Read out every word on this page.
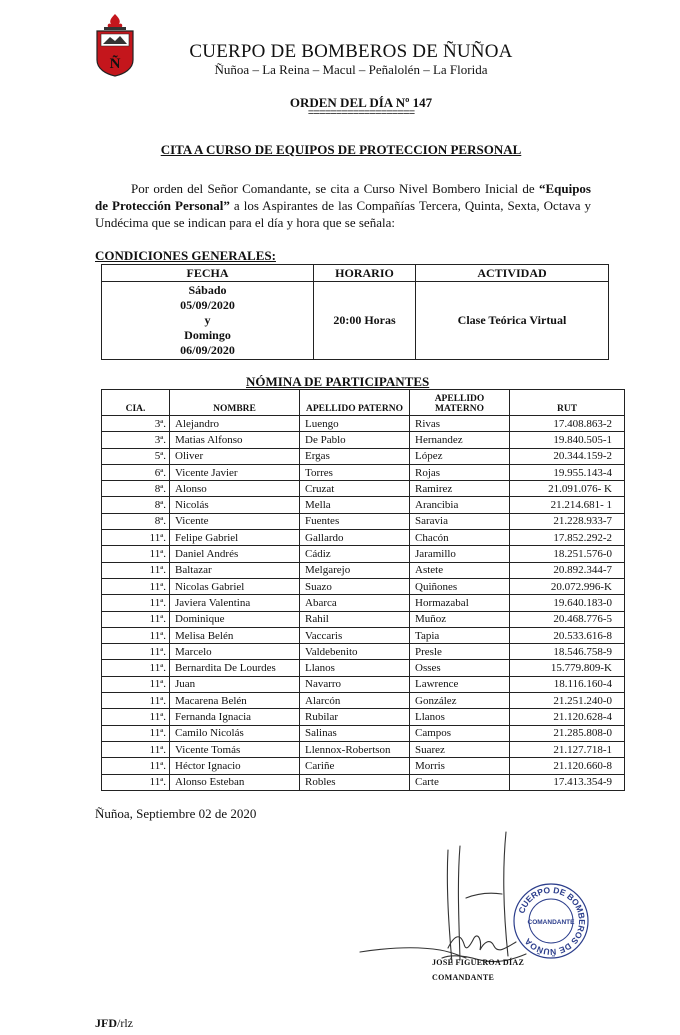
Ñ
CUERPO DE BOMBEROS DE ÑUÑOA
Ñuñoa – La Reina – Macul – Peñalolén – La Florida
ORDEN DEL DÍA Nº 147
===================
CITA A CURSO DE EQUIPOS DE PROTECCION PERSONAL

Por orden del Señor Comandante, se cita a Curso Nivel Bombero Inicial de “Equipos de Protección Personal” a los Aspirantes de las Compañías Tercera, Quinta, Sexta, Octava y Undécima que se indican para el día y hora que se señala:

CONDICIONES GENERALES:
FECHA	HORARIO	ACTIVIDAD

Sábado
05/09/2020
y
Domingo
06/09/2020	20:00 Horas	Clase Teórica Virtual
NÓMINA DE PARTICIPANTES
CIA.	NOMBRE	APELLIDO PATERNO	APELLIDO MATERNO	RUT
3ª.	Alejandro	Luengo	Rivas	17.408.863-2
3ª.	Matias Alfonso	De Pablo	Hernandez	19.840.505-1
5ª.	Oliver	Ergas	López	20.344.159-2
6ª.	Vicente Javier	Torres	Rojas	19.955.143-4
8ª.	Alonso	Cruzat	Ramirez	21.091.076- K
8ª.	Nicolás	Mella	Arancibia	21.214.681- 1
8ª.	Vicente	Fuentes	Saravia	21.228.933-7
11ª.	Felipe Gabriel	Gallardo	Chacón	17.852.292-2
11ª.	Daniel Andrés	Cádiz	Jaramillo	18.251.576-0
11ª.	Baltazar	Melgarejo	Astete	20.892.344-7
11ª.	Nicolas Gabriel	Suazo	Quiñones	20.072.996-K
11ª.	Javiera Valentina	Abarca	Hormazabal	19.640.183-0
11ª.	Dominique	Rahil	Muñoz	20.468.776-5
11ª.	Melisa Belén	Vaccaris	Tapia	20.533.616-8
11ª.	Marcelo	Valdebenito	Presle	18.546.758-9
11ª.	Bernardita De Lourdes	Llanos	Osses	15.779.809-K
11ª.	Juan	Navarro	Lawrence	18.116.160-4
11ª.	Macarena Belén	Alarcón	González	21.251.240-0
11ª.	Fernanda Ignacia	Rubilar	Llanos	21.120.628-4
11ª.	Camilo Nicolás	Salinas	Campos	21.285.808-0
11ª.	Vicente Tomás	Llennox-Robertson	Suarez	21.127.718-1
11ª.	Héctor Ignacio	Cariñe	Morris	21.120.660-8
11ª.	Alonso Esteban	Robles	Carte	17.413.354-9
Ñuñoa, Septiembre 02 de 2020
CUERPO DE BOMBEROS DE ÑUÑOA
COMANDANTE
JOSÉ FIGUEROA DÍAZ
COMANDANTE
JFD/rlz
